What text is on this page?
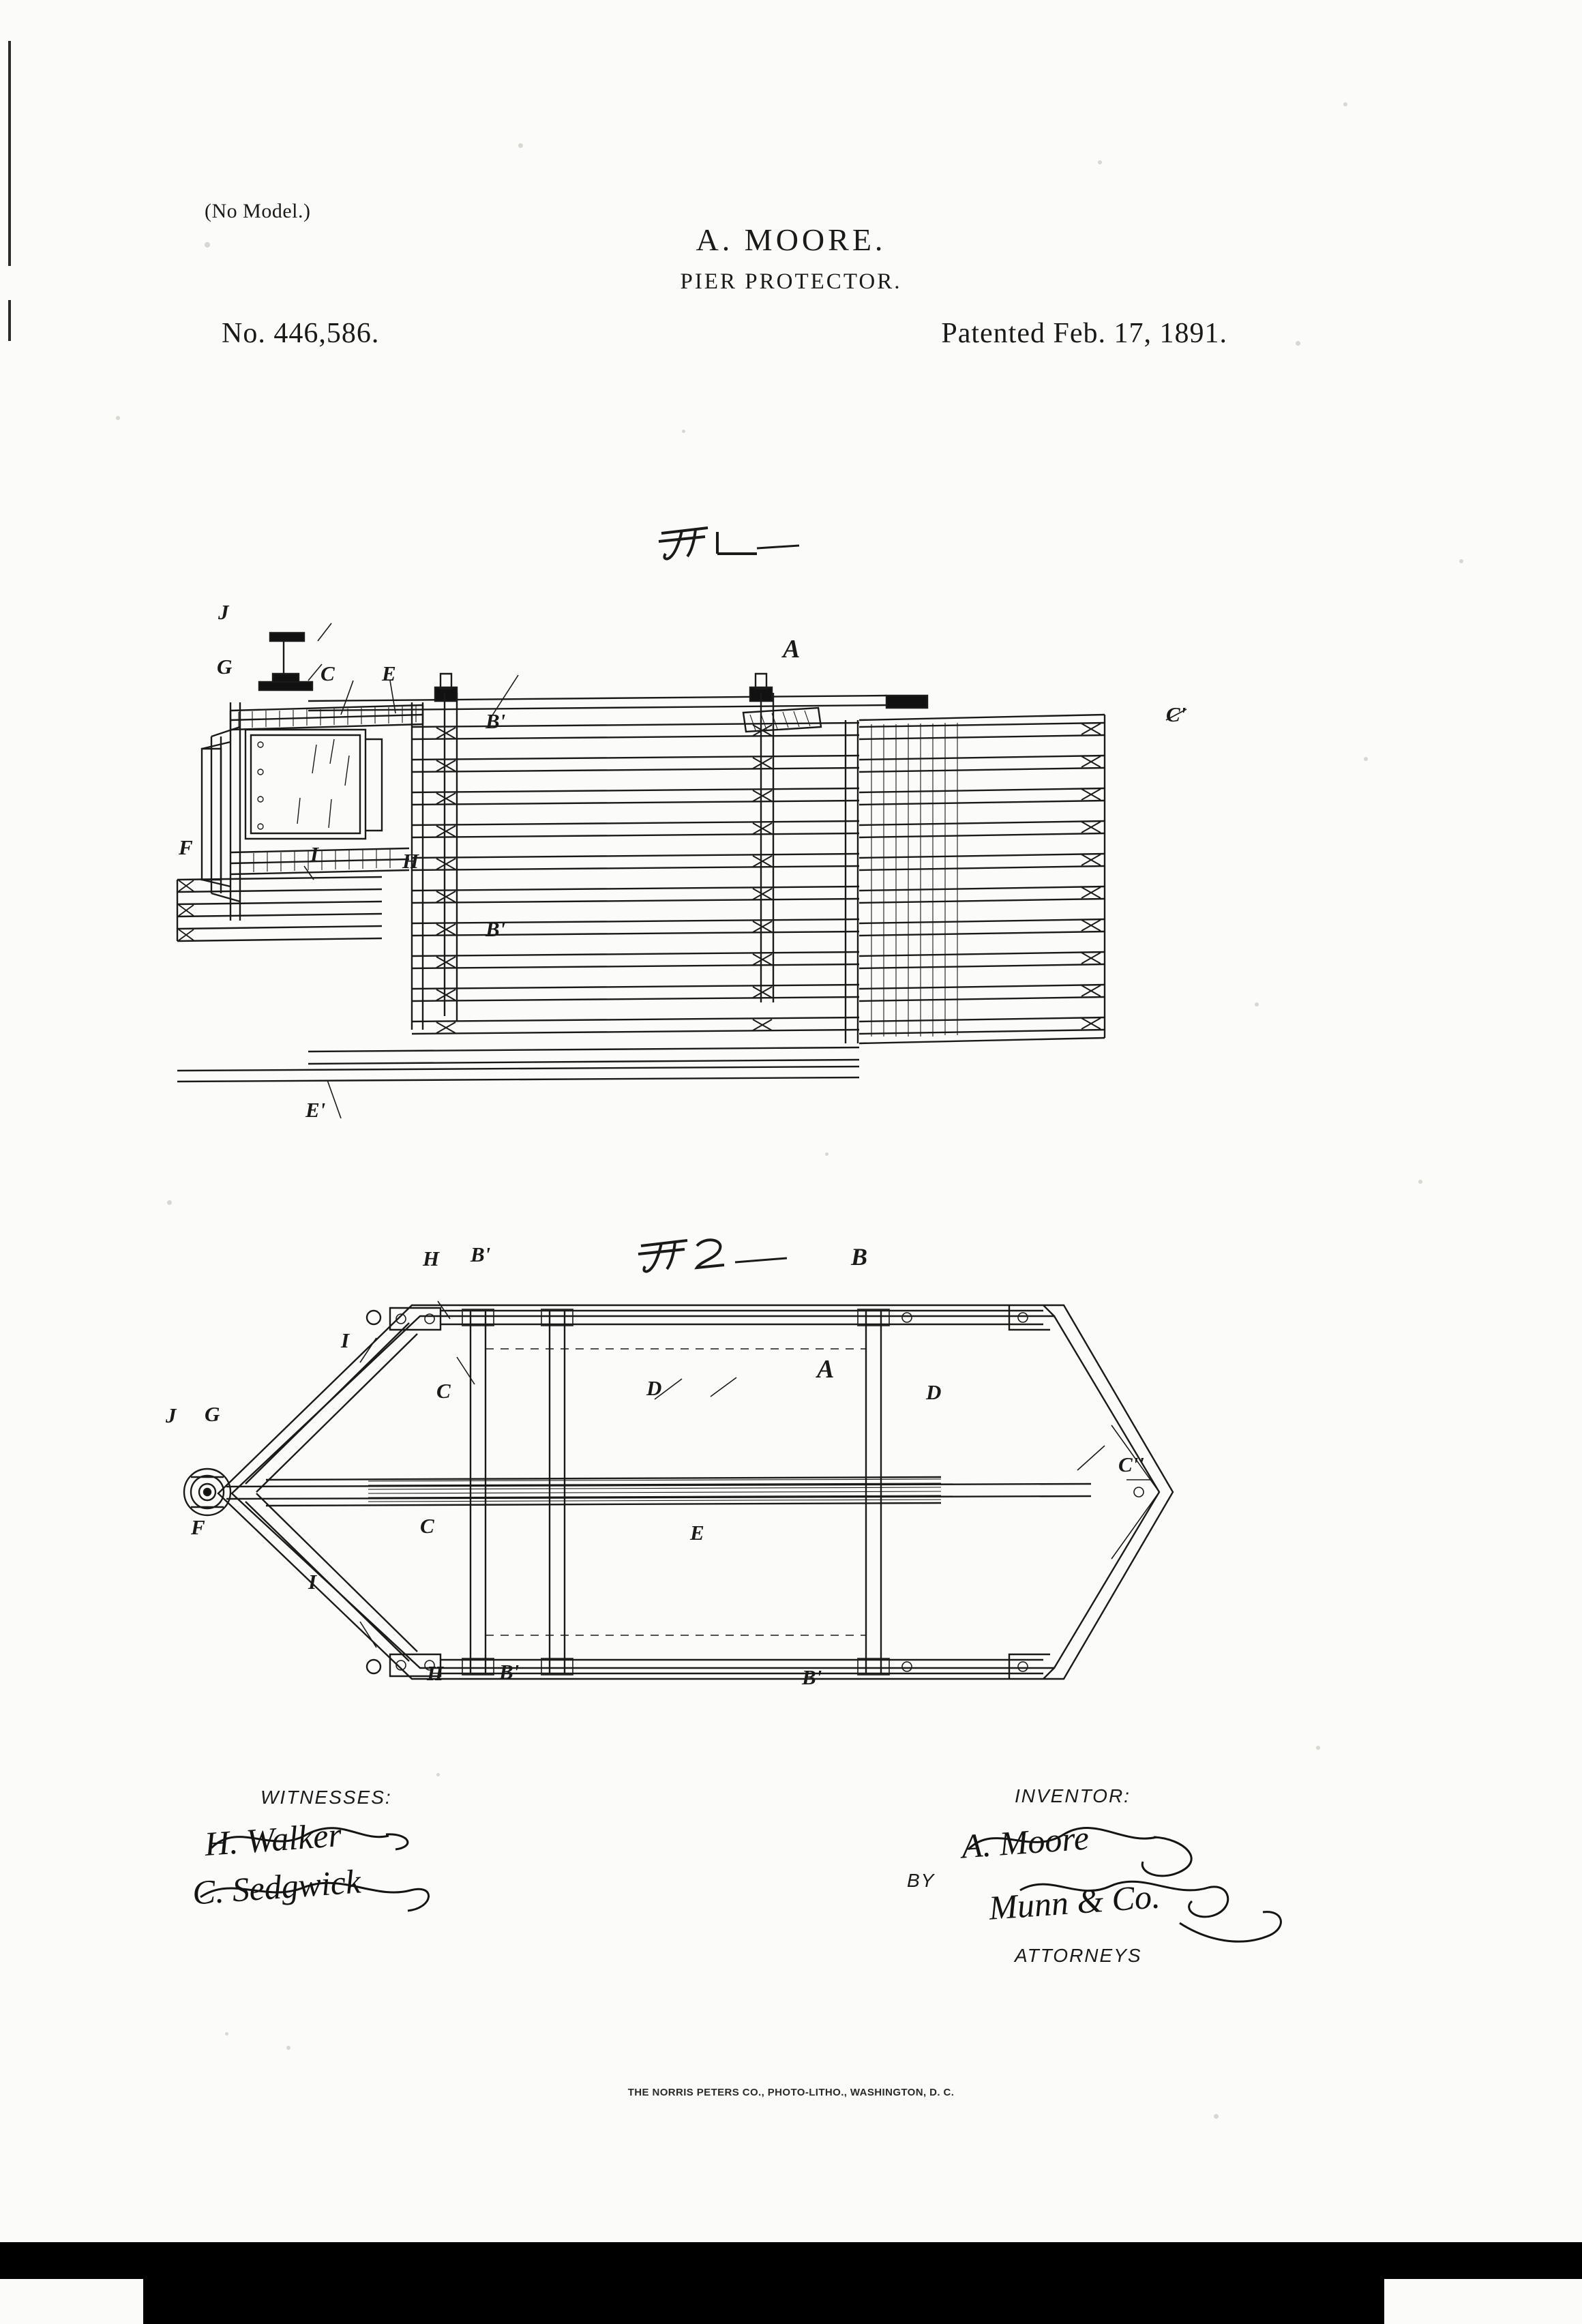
(No Model.)
A. MOORE.
PIER PROTECTOR.
No. 446,586.	Patented Feb. 17, 1891.
J
G	C E
A
B'	C'
F	I	H
B'
E'
H B'	B
I
C	D
A
D
J G
C''
F	C	E
I
H	B'	B'
WITNESSES:
H. Walker
C. Sedgwick
INVENTOR:
A. Moore
BY Munn & Co.
ATTORNEYS
THE NORRIS PETERS CO., PHOTO-LITHO., WASHINGTON, D. C.
